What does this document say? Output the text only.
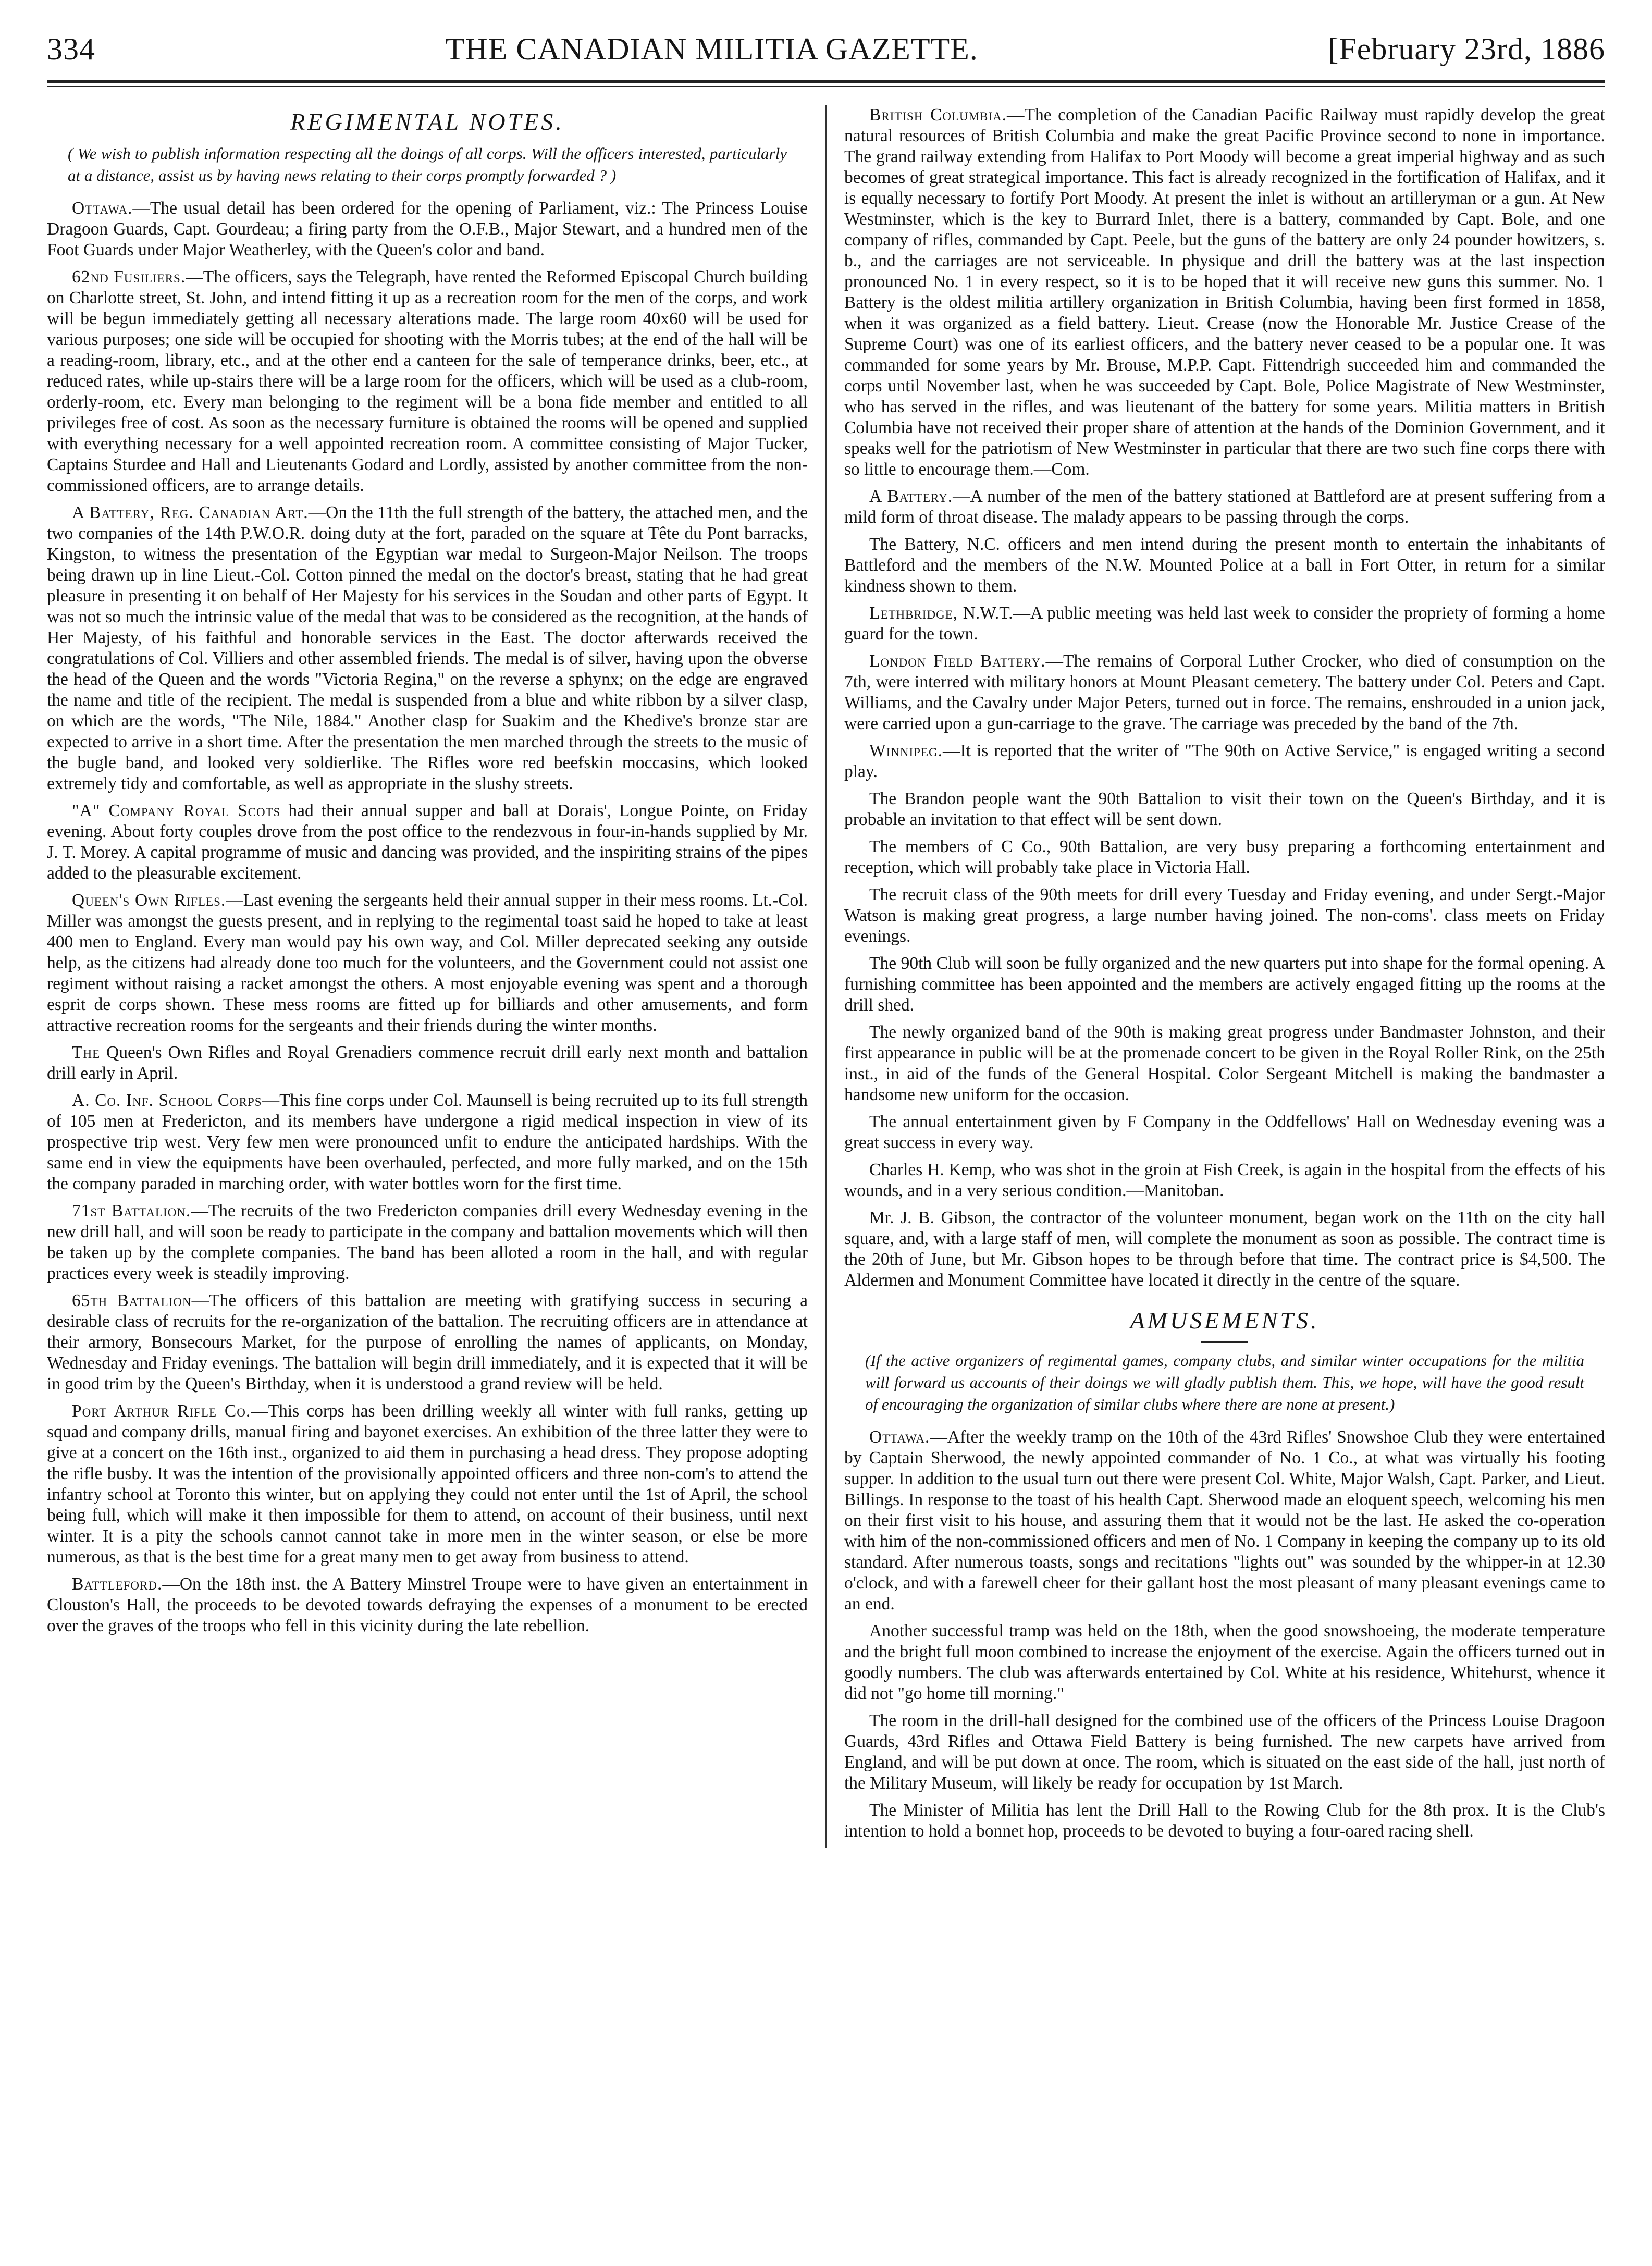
334	THE CANADIAN MILITIA GAZETTE.	[February 23rd, 1886
REGIMENTAL NOTES.
( We wish to publish information respecting all the doings of all corps. Will the officers interested, particularly at a distance, assist us by having news relating to their corps promptly forwarded ? )

Ottawa.—The usual detail has been ordered for the opening of Parliament, viz.: The Princess Louise Dragoon Guards, Capt. Gourdeau; a firing party from the O.F.B., Major Stewart, and a hundred men of the Foot Guards under Major Weatherley, with the Queen's color and band.

62nd Fusiliers.—The officers, says the Telegraph, have rented the Reformed Episcopal Church building on Charlotte street, St. John, and intend fitting it up as a recreation room for the men of the corps, and work will be begun immediately getting all necessary alterations made. The large room 40x60 will be used for various purposes; one side will be occupied for shooting with the Morris tubes; at the end of the hall will be a reading-room, library, etc., and at the other end a canteen for the sale of temperance drinks, beer, etc., at reduced rates, while up-stairs there will be a large room for the officers, which will be used as a club-room, orderly-room, etc. Every man belonging to the regiment will be a bona fide member and entitled to all privileges free of cost. As soon as the necessary furniture is obtained the rooms will be opened and supplied with everything necessary for a well appointed recreation room. A committee consisting of Major Tucker, Captains Sturdee and Hall and Lieutenants Godard and Lordly, assisted by another committee from the non-commissioned officers, are to arrange details.

A Battery, Reg. Canadian Art.—On the 11th the full strength of the battery, the attached men, and the two companies of the 14th P.W.O.R. doing duty at the fort, paraded on the square at Tête du Pont barracks, Kingston, to witness the presentation of the Egyptian war medal to Surgeon-Major Neilson. The troops being drawn up in line Lieut.-Col. Cotton pinned the medal on the doctor's breast, stating that he had great pleasure in presenting it on behalf of Her Majesty for his services in the Soudan and other parts of Egypt. It was not so much the intrinsic value of the medal that was to be considered as the recognition, at the hands of Her Majesty, of his faithful and honorable services in the East. The doctor afterwards received the congratulations of Col. Villiers and other assembled friends. The medal is of silver, having upon the obverse the head of the Queen and the words "Victoria Regina," on the reverse a sphynx; on the edge are engraved the name and title of the recipient. The medal is suspended from a blue and white ribbon by a silver clasp, on which are the words, "The Nile, 1884." Another clasp for Suakim and the Khedive's bronze star are expected to arrive in a short time. After the presentation the men marched through the streets to the music of the bugle band, and looked very soldierlike. The Rifles wore red beefskin moccasins, which looked extremely tidy and comfortable, as well as appropriate in the slushy streets.

"A" Company Royal Scots had their annual supper and ball at Dorais', Longue Pointe, on Friday evening. About forty couples drove from the post office to the rendezvous in four-in-hands supplied by Mr. J. T. Morey. A capital programme of music and dancing was provided, and the inspiriting strains of the pipes added to the pleasurable excitement.

Queen's Own Rifles.—Last evening the sergeants held their annual supper in their mess rooms. Lt.-Col. Miller was amongst the guests present, and in replying to the regimental toast said he hoped to take at least 400 men to England. Every man would pay his own way, and Col. Miller deprecated seeking any outside help, as the citizens had already done too much for the volunteers, and the Government could not assist one regiment without raising a racket amongst the others. A most enjoyable evening was spent and a thorough esprit de corps shown. These mess rooms are fitted up for billiards and other amusements, and form attractive recreation rooms for the sergeants and their friends during the winter months.

The Queen's Own Rifles and Royal Grenadiers commence recruit drill early next month and battalion drill early in April.

A. Co. Inf. School Corps—This fine corps under Col. Maunsell is being recruited up to its full strength of 105 men at Fredericton, and its members have undergone a rigid medical inspection in view of its prospective trip west. Very few men were pronounced unfit to endure the anticipated hardships. With the same end in view the equipments have been overhauled, perfected, and more fully marked, and on the 15th the company paraded in marching order, with water bottles worn for the first time.

71st Battalion.—The recruits of the two Fredericton companies drill every Wednesday evening in the new drill hall, and will soon be ready to participate in the company and battalion movements which will then be taken up by the complete companies. The band has been alloted a room in the hall, and with regular practices every week is steadily improving.

65th Battalion—The officers of this battalion are meeting with gratifying success in securing a desirable class of recruits for the re-organization of the battalion. The recruiting officers are in attendance at their armory, Bonsecours Market, for the purpose of enrolling the names of applicants, on Monday, Wednesday and Friday evenings. The battalion will begin drill immediately, and it is expected that it will be in good trim by the Queen's Birthday, when it is understood a grand review will be held.

Port Arthur Rifle Co.—This corps has been drilling weekly all winter with full ranks, getting up squad and company drills, manual firing and bayonet exercises. An exhibition of the three latter they were to give at a concert on the 16th inst., organized to aid them in purchasing a head dress. They propose adopting the rifle busby. It was the intention of the provisionally appointed officers and three non-com's to attend the infantry school at Toronto this winter, but on applying they could not enter until the 1st of April, the school being full, which will make it then impossible for them to attend, on account of their business, until next winter. It is a pity the schools cannot cannot take in more men in the winter season, or else be more numerous, as that is the best time for a great many men to get away from business to attend.

Battleford.—On the 18th inst. the A Battery Minstrel Troupe were to have given an entertainment in Clouston's Hall, the proceeds to be devoted towards defraying the expenses of a monument to be erected over the graves of the troops who fell in this vicinity during the late rebellion.

British Columbia.—The completion of the Canadian Pacific Railway must rapidly develop the great natural resources of British Columbia and make the great Pacific Province second to none in importance. The grand railway extending from Halifax to Port Moody will become a great imperial highway and as such becomes of great strategical importance. This fact is already recognized in the fortification of Halifax, and it is equally necessary to fortify Port Moody. At present the inlet is without an artilleryman or a gun. At New Westminster, which is the key to Burrard Inlet, there is a battery, commanded by Capt. Bole, and one company of rifles, commanded by Capt. Peele, but the guns of the battery are only 24 pounder howitzers, s. b., and the carriages are not serviceable. In physique and drill the battery was at the last inspection pronounced No. 1 in every respect, so it is to be hoped that it will receive new guns this summer. No. 1 Battery is the oldest militia artillery organization in British Columbia, having been first formed in 1858, when it was organized as a field battery. Lieut. Crease (now the Honorable Mr. Justice Crease of the Supreme Court) was one of its earliest officers, and the battery never ceased to be a popular one. It was commanded for some years by Mr. Brouse, M.P.P. Capt. Fittendrigh succeeded him and commanded the corps until November last, when he was succeeded by Capt. Bole, Police Magistrate of New Westminster, who has served in the rifles, and was lieutenant of the battery for some years. Militia matters in British Columbia have not received their proper share of attention at the hands of the Dominion Government, and it speaks well for the patriotism of New Westminster in particular that there are two such fine corps there with so little to encourage them.—Com.

A Battery.—A number of the men of the battery stationed at Battleford are at present suffering from a mild form of throat disease. The malady appears to be passing through the corps.

The Battery, N.C. officers and men intend during the present month to entertain the inhabitants of Battleford and the members of the N.W. Mounted Police at a ball in Fort Otter, in return for a similar kindness shown to them.

Lethbridge, N.W.T.—A public meeting was held last week to consider the propriety of forming a home guard for the town.

London Field Battery.—The remains of Corporal Luther Crocker, who died of consumption on the 7th, were interred with military honors at Mount Pleasant cemetery. The battery under Col. Peters and Capt. Williams, and the Cavalry under Major Peters, turned out in force. The remains, enshrouded in a union jack, were carried upon a gun-carriage to the grave. The carriage was preceded by the band of the 7th.

Winnipeg.—It is reported that the writer of "The 90th on Active Service," is engaged writing a second play.

The Brandon people want the 90th Battalion to visit their town on the Queen's Birthday, and it is probable an invitation to that effect will be sent down.

The members of C Co., 90th Battalion, are very busy preparing a forthcoming entertainment and reception, which will probably take place in Victoria Hall.

The recruit class of the 90th meets for drill every Tuesday and Friday evening, and under Sergt.-Major Watson is making great progress, a large number having joined. The non-coms'. class meets on Friday evenings.

The 90th Club will soon be fully organized and the new quarters put into shape for the formal opening. A furnishing committee has been appointed and the members are actively engaged fitting up the rooms at the drill shed.

The newly organized band of the 90th is making great progress under Bandmaster Johnston, and their first appearance in public will be at the promenade concert to be given in the Royal Roller Rink, on the 25th inst., in aid of the funds of the General Hospital. Color Sergeant Mitchell is making the bandmaster a handsome new uniform for the occasion.

The annual entertainment given by F Company in the Oddfellows' Hall on Wednesday evening was a great success in every way.

Charles H. Kemp, who was shot in the groin at Fish Creek, is again in the hospital from the effects of his wounds, and in a very serious condition.—Manitoban.

Mr. J. B. Gibson, the contractor of the volunteer monument, began work on the 11th on the city hall square, and, with a large staff of men, will complete the monument as soon as possible. The contract time is the 20th of June, but Mr. Gibson hopes to be through before that time. The contract price is $4,500. The Aldermen and Monument Committee have located it directly in the centre of the square.

AMUSEMENTS.
(If the active organizers of regimental games, company clubs, and similar winter occupations for the militia will forward us accounts of their doings we will gladly publish them. This, we hope, will have the good result of encouraging the organization of similar clubs where there are none at present.)

Ottawa.—After the weekly tramp on the 10th of the 43rd Rifles' Snowshoe Club they were entertained by Captain Sherwood, the newly appointed commander of No. 1 Co., at what was virtually his footing supper. In addition to the usual turn out there were present Col. White, Major Walsh, Capt. Parker, and Lieut. Billings. In response to the toast of his health Capt. Sherwood made an eloquent speech, welcoming his men on their first visit to his house, and assuring them that it would not be the last. He asked the co-operation with him of the non-commissioned officers and men of No. 1 Company in keeping the company up to its old standard. After numerous toasts, songs and recitations "lights out" was sounded by the whipper-in at 12.30 o'clock, and with a farewell cheer for their gallant host the most pleasant of many pleasant evenings came to an end.

Another successful tramp was held on the 18th, when the good snowshoeing, the moderate temperature and the bright full moon combined to increase the enjoyment of the exercise. Again the officers turned out in goodly numbers. The club was afterwards entertained by Col. White at his residence, Whitehurst, whence it did not "go home till morning."

The room in the drill-hall designed for the combined use of the officers of the Princess Louise Dragoon Guards, 43rd Rifles and Ottawa Field Battery is being furnished. The new carpets have arrived from England, and will be put down at once. The room, which is situated on the east side of the hall, just north of the Military Museum, will likely be ready for occupation by 1st March.

The Minister of Militia has lent the Drill Hall to the Rowing Club for the 8th prox. It is the Club's intention to hold a bonnet hop, proceeds to be devoted to buying a four-oared racing shell.
